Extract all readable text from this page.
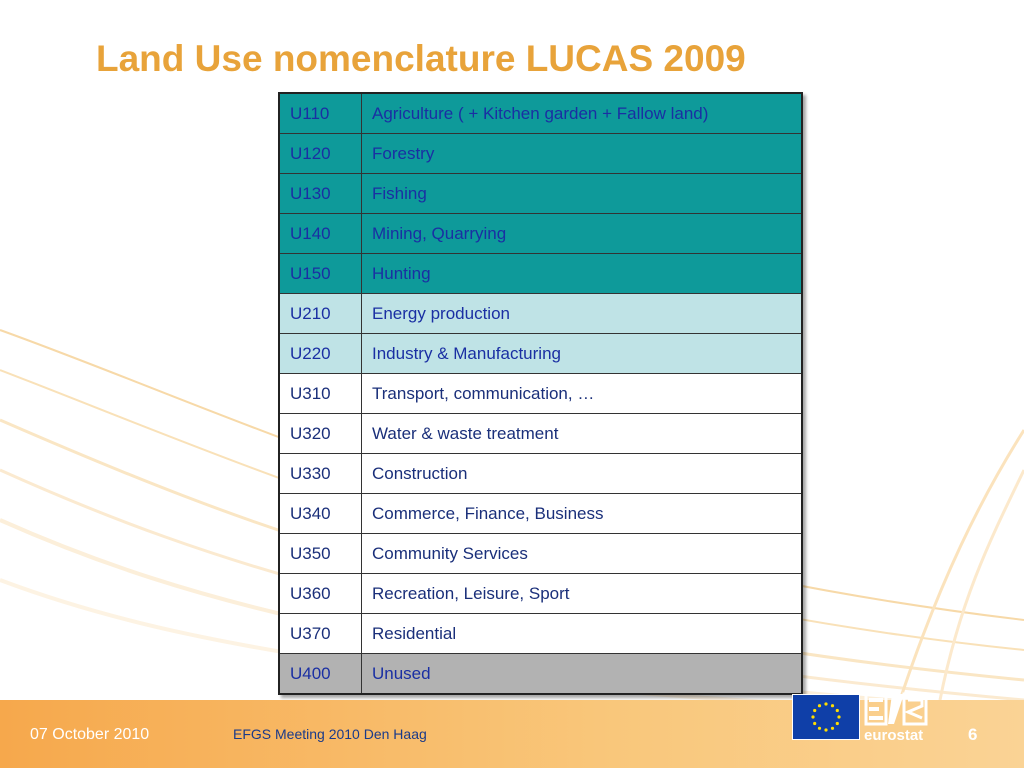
Land Use nomenclature LUCAS 2009
U110	Agriculture ( + Kitchen garden + Fallow land)
U120	Forestry
U130	Fishing
U140	Mining, Quarrying
U150	Hunting
U210	Energy production
U220	Industry & Manufacturing
U310	Transport, communication, …
U320	Water & waste treatment
U330	Construction
U340	Commerce, Finance, Business
U350	Community Services
U360	Recreation, Leisure, Sport
U370	Residential
U400	Unused
07 October 2010	EFGS Meeting 2010 Den Haag	eurostat	6
